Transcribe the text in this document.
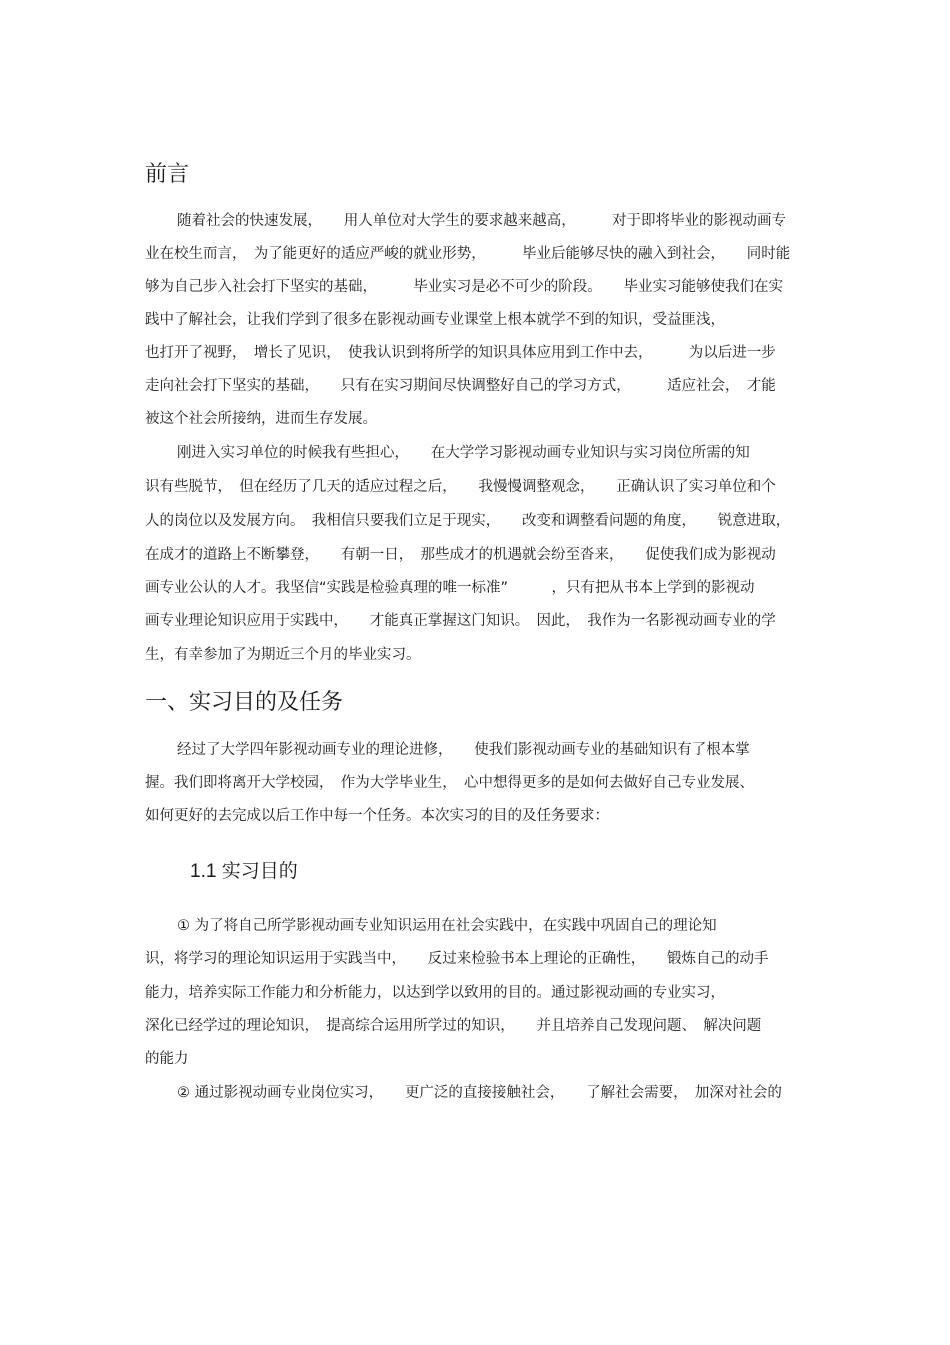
前言
随着社会的快速发展，　　用人单位对大学生的要求越来越高，　　　对于即将毕业的影视动画专
业在校生而言，　为了能更好的适应严峻的就业形势，　　　毕业后能够尽快的融入到社会，　　同时能
够为自己步入社会打下坚实的基础，　　　毕业实习是必不可少的阶段。　　毕业实习能够使我们在实
践中了解社会，让我们学到了很多在影视动画专业课堂上根本就学不到的知识，受益匪浅，
也打开了视野，　增长了见识，　使我认识到将所学的知识具体应用到工作中去，　　　为以后进一步
走向社会打下坚实的基础，　　只有在实习期间尽快调整好自己的学习方式，　　　适应社会，　才能
被这个社会所接纳，进而生存发展。
刚进入实习单位的时候我有些担心，　　在大学学习影视动画专业知识与实习岗位所需的知
识有些脱节，　但在经历了几天的适应过程之后，　　我慢慢调整观念，　　正确认识了实习单位和个
人的岗位以及发展方向。　我相信只要我们立足于现实，　　改变和调整看问题的角度，　　锐意进取，
在成才的道路上不断攀登，　　有朝一日，　那些成才的机遇就会纷至沓来，　　促使我们成为影视动
画专业公认的人才。我坚信“实践是检验真理的唯一标准”　　　，只有把从书本上学到的影视动
画专业理论知识应用于实践中，　　才能真正掌握这门知识。　因此，　我作为一名影视动画专业的学
生，有幸参加了为期近三个月的毕业实习。
一、实习目的及任务
经过了大学四年影视动画专业的理论进修，　　使我们影视动画专业的基础知识有了根本掌
握。我们即将离开大学校园，　作为大学毕业生，　心中想得更多的是如何去做好自己专业发展、
如何更好的去完成以后工作中每一个任务。本次实习的目的及任务要求：
1.1 实习目的
① 为了将自己所学影视动画专业知识运用在社会实践中，在实践中巩固自己的理论知
识，将学习的理论知识运用于实践当中，　　反过来检验书本上理论的正确性，　　锻炼自己的动手
能力，培养实际工作能力和分析能力，以达到学以致用的目的。通过影视动画的专业实习，
深化已经学过的理论知识，　提高综合运用所学过的知识，　　并且培养自己发现问题、　解决问题
的能力
② 通过影视动画专业岗位实习，　　更广泛的直接接触社会，　　了解社会需要，　加深对社会的
